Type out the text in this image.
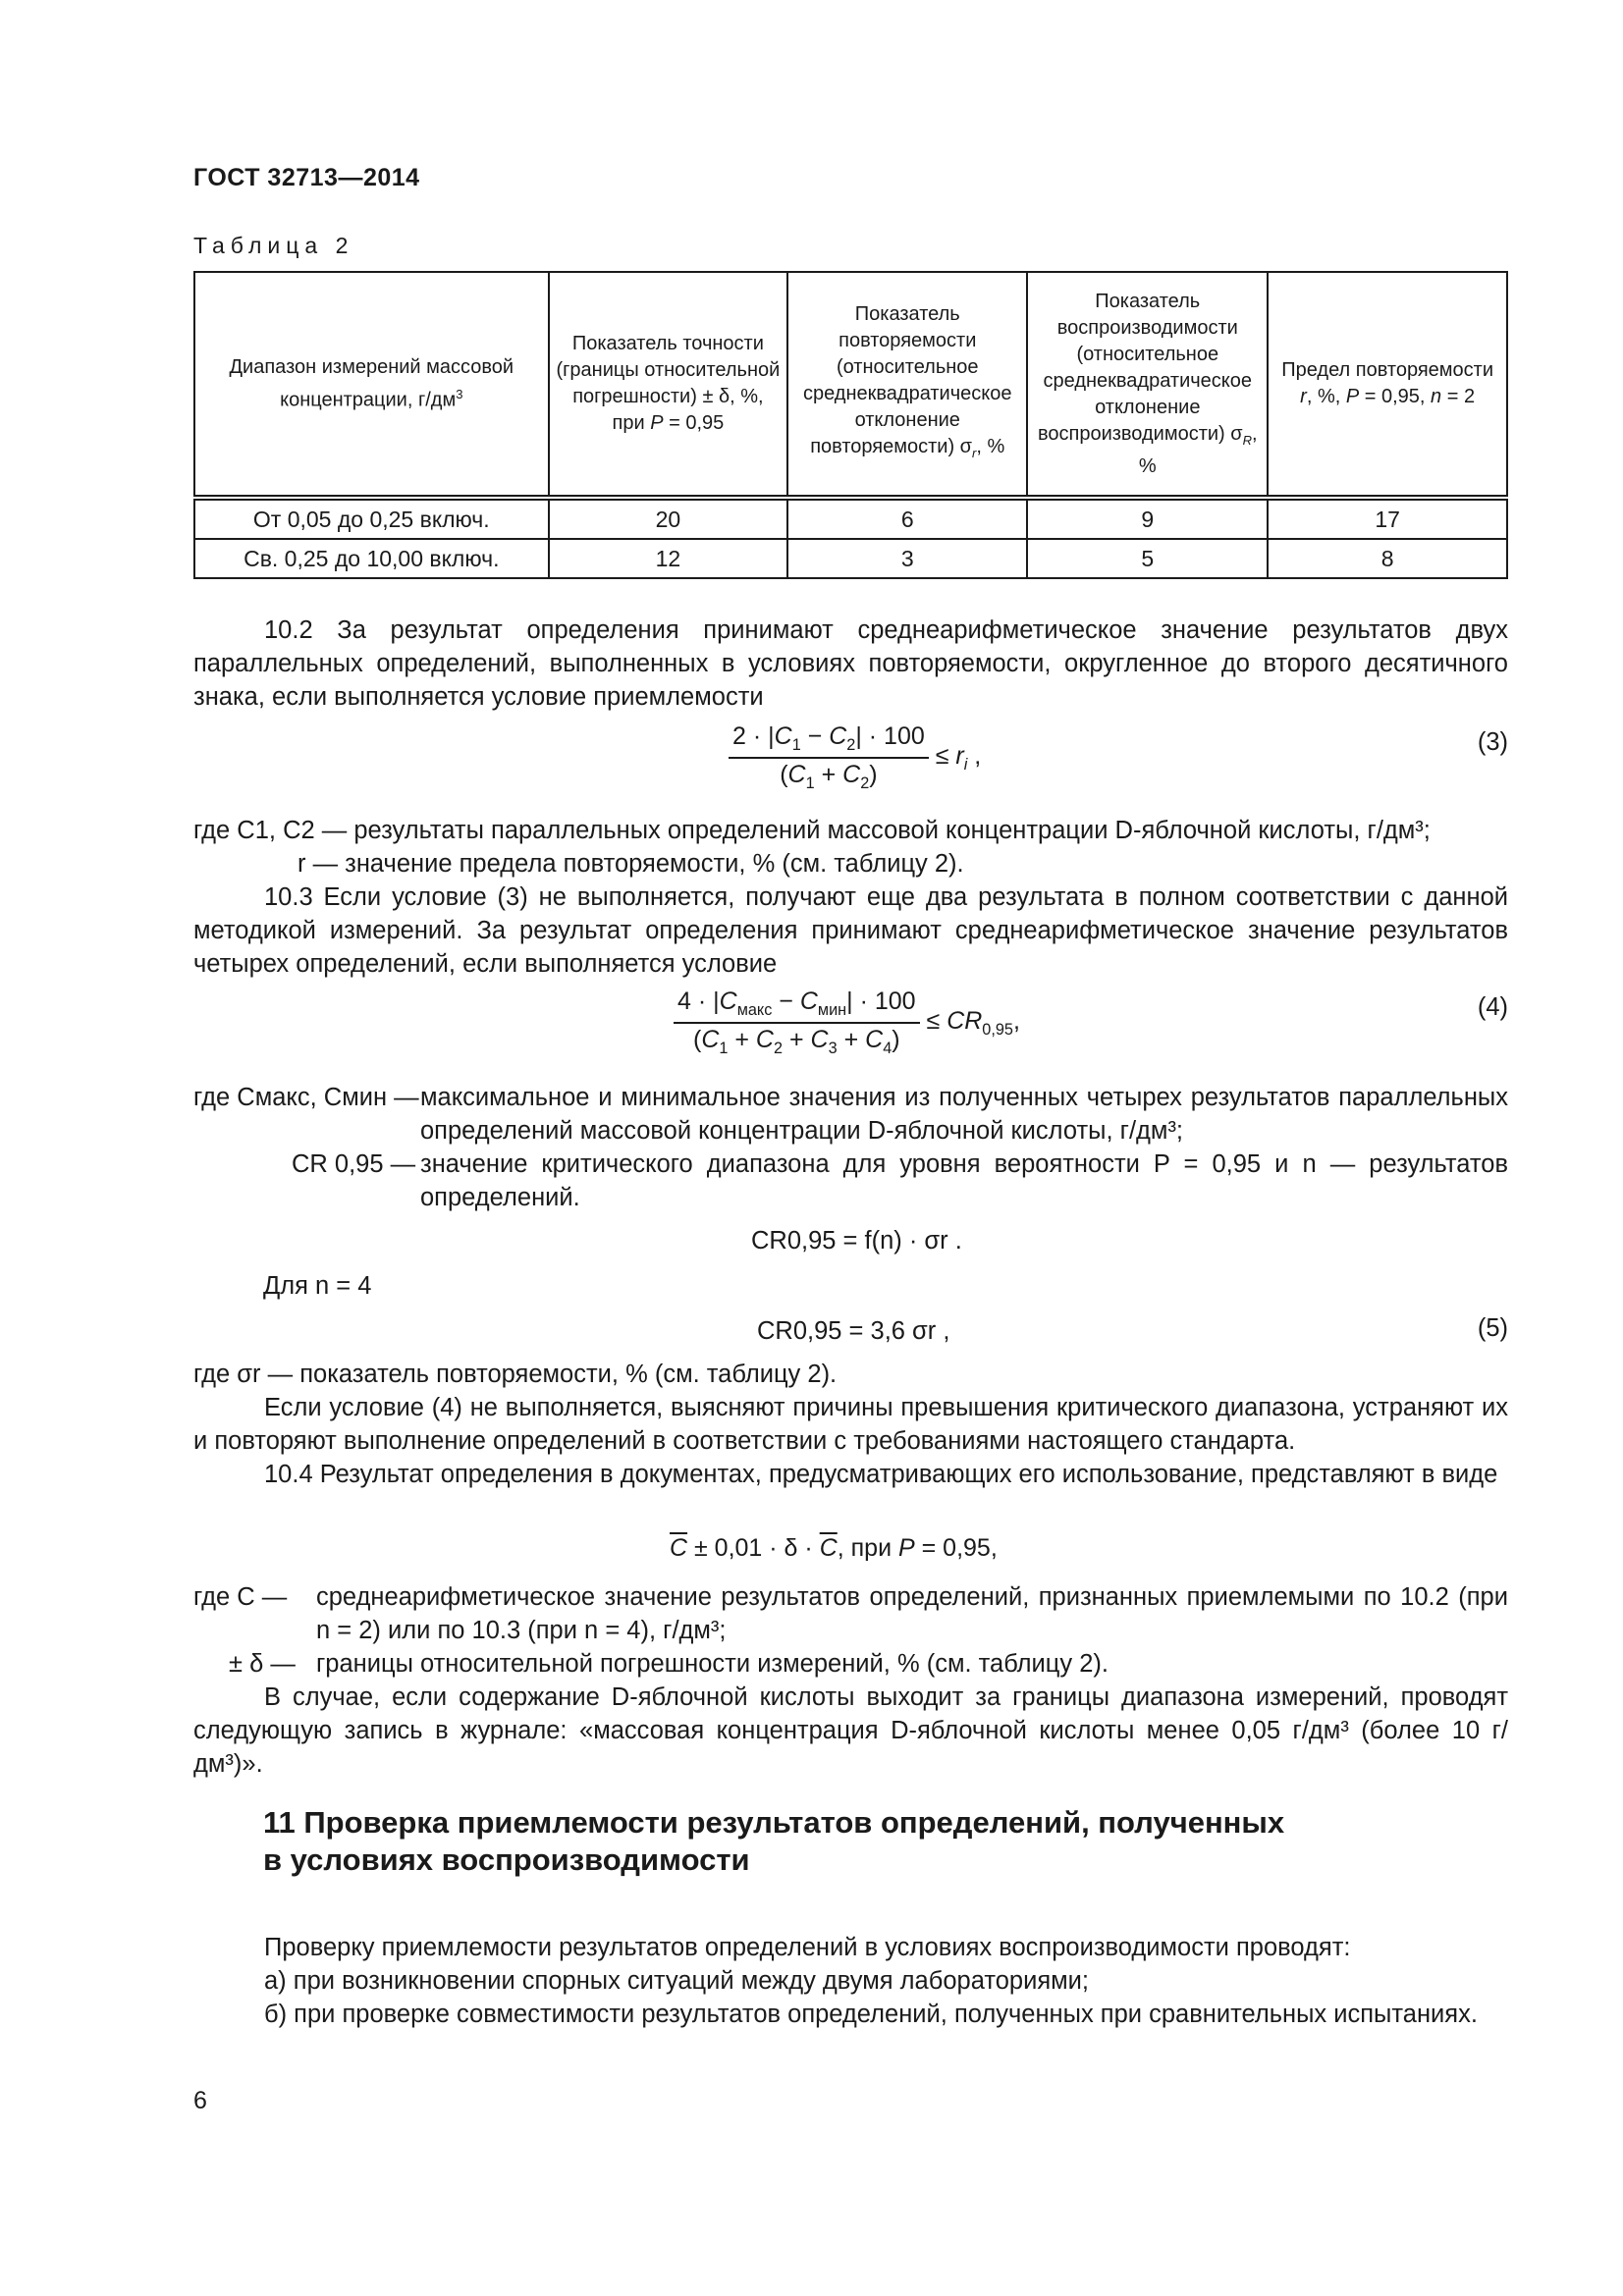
ГОСТ 32713—2014
Таблица 2
Диапазон измерений массовой концентрации, $г/дм^3$	Показатель точности (границы относительной погрешности) ± δ, %, при P = 0,95	Показатель повторяемости (относительное среднеквадратическое отклонение повторяемости) $\sigma_r$, %	Показатель воспроизводимости (относительное среднеквадратическое отклонение воспроизводимости) $\sigma_R$, %	Предел повторяемости r, %, P = 0,95, n = 2
От 0,05 до 0,25 включ.	20	6	9	17
Св. 0,25 до 10,00 включ.	12	3	5	8
10.2 За результат определения принимают среднеарифметическое значение результатов двух параллельных определений, выполненных в условиях повторяемости, округленное до второго десятичного знака, если выполняется условие приемлемости
$\frac{2 \cdot |C_1 - C_2| \cdot 100}{(C_1 + C_2)} \le r_i$ ,	(3)
где C1, C2 — результаты параллельных определений массовой концентрации D-яблочной кислоты, г/дм³;
r — значение предела повторяемости, % (см. таблицу 2).
10.3 Если условие (3) не выполняется, получают еще два результата в полном соответствии с данной методикой измерений. За результат определения принимают среднеарифметическое значение результатов четырех определений, если выполняется условие
$\frac{4 \cdot |C_{макс} - C_{мин}| \cdot 100}{(C_1 + C_2 + C_3 + C_4)} \le CR_{0,95}$,	(4)
где Cмакс, Cмин — максимальное и минимальное значения из полученных четырех результатов параллельных определений массовой концентрации D-яблочной кислоты, г/дм³;
CR 0,95 — значение критического диапазона для уровня вероятности P = 0,95 и n — результатов определений.
CR0,95 = f(n) · σr .
Для n = 4
CR0,95 = 3,6 σr ,	(5)
где σr — показатель повторяемости, % (см. таблицу 2).
Если условие (4) не выполняется, выясняют причины превышения критического диапазона, устраняют их и повторяют выполнение определений в соответствии с требованиями настоящего стандарта.
10.4 Результат определения в документах, предусматривающих его использование, представляют в виде
$\overline{C} \pm 0,01 \cdot \delta \cdot \overline{C}$, при P = 0,95,
C
где C — среднеарифметическое значение результатов определений, признанных приемлемыми по 10.2 (при n = 2) или по 10.3 (при n = 4), г/дм³;
± δ — границы относительной погрешности измерений, % (см. таблицу 2).
В случае, если содержание D-яблочной кислоты выходит за границы диапазона измерений, проводят следующую запись в журнале: «массовая концентрация D-яблочной кислоты менее 0,05 г/дм³ (более 10 г/дм³)».
11 Проверка приемлемости результатов определений, полученных
в условиях воспроизводимости
Проверку приемлемости результатов определений в условиях воспроизводимости проводят:
а) при возникновении спорных ситуаций между двумя лабораториями;
б) при проверке совместимости результатов определений, полученных при сравнительных испытаниях.
6
